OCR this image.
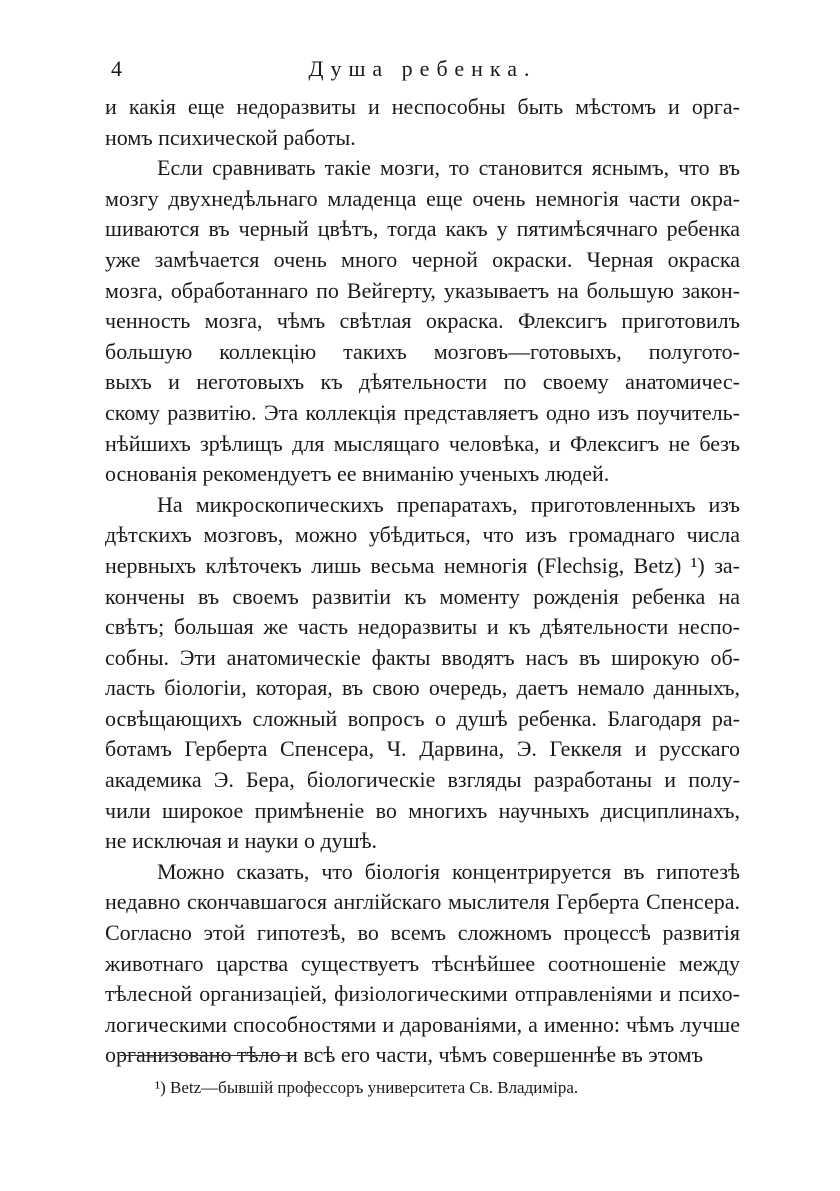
4	Душа ребенка.
и какія еще недоразвиты и неспособны быть мѣстомъ и орга-
номъ психической работы.
Если сравнивать такіе мозги, то становится яснымъ, что въ
мозгу двухнедѣльнаго младенца еще очень немногія части окра-
шиваются въ черный цвѣтъ, тогда какъ у пятимѣсячнаго ребенка
уже замѣчается очень много черной окраски. Черная окраска
мозга, обработаннаго по Вейгерту, указываетъ на большую закон-
ченность мозга, чѣмъ свѣтлая окраска. Флексигъ приготовилъ
большую коллекцію такихъ мозговъ—готовыхъ, полугото-
выхъ и неготовыхъ къ дѣятельности по своему анатомичес-
скому развитію. Эта коллекція представляетъ одно изъ поучитель-
нѣйшихъ зрѣлищъ для мыслящаго человѣка, и Флексигъ не безъ
основанія рекомендуетъ ее вниманію ученыхъ людей.
На микроскопическихъ препаратахъ, приготовленныхъ изъ
дѣтскихъ мозговъ, можно убѣдиться, что изъ громаднаго числа
нервныхъ клѣточекъ лишь весьма немногія (Flechsig, Betz) ¹) за-
кончены въ своемъ развитіи къ моменту рожденія ребенка на
свѣтъ; большая же часть недоразвиты и къ дѣятельности неспо-
собны. Эти анатомическіе факты вводятъ насъ въ широкую об-
ласть біологіи, которая, въ свою очередь, даетъ немало данныхъ,
освѣщающихъ сложный вопросъ о душѣ ребенка. Благодаря ра-
ботамъ Герберта Спенсера, Ч. Дарвина, Э. Геккеля и русскаго
академика Э. Бера, біологическіе взгляды разработаны и полу-
чили широкое примѣненіе во многихъ научныхъ дисциплинахъ,
не исключая и науки о душѣ.
Можно сказать, что біологія концентрируется въ гипотезѣ
недавно скончавшагося англійскаго мыслителя Герберта Спенсера.
Согласно этой гипотезѣ, во всемъ сложномъ процессѣ развитія
животнаго царства существуетъ тѣснѣйшее соотношеніе между
тѣлесной организаціей, физіологическими отправленіями и психо-
логическими способностями и дарованіями, а именно: чѣмъ лучше
организовано тѣло и всѣ его части, чѣмъ совершеннѣе въ этомъ
¹) Betz—бывшій профессоръ университета Св. Владиміра.
